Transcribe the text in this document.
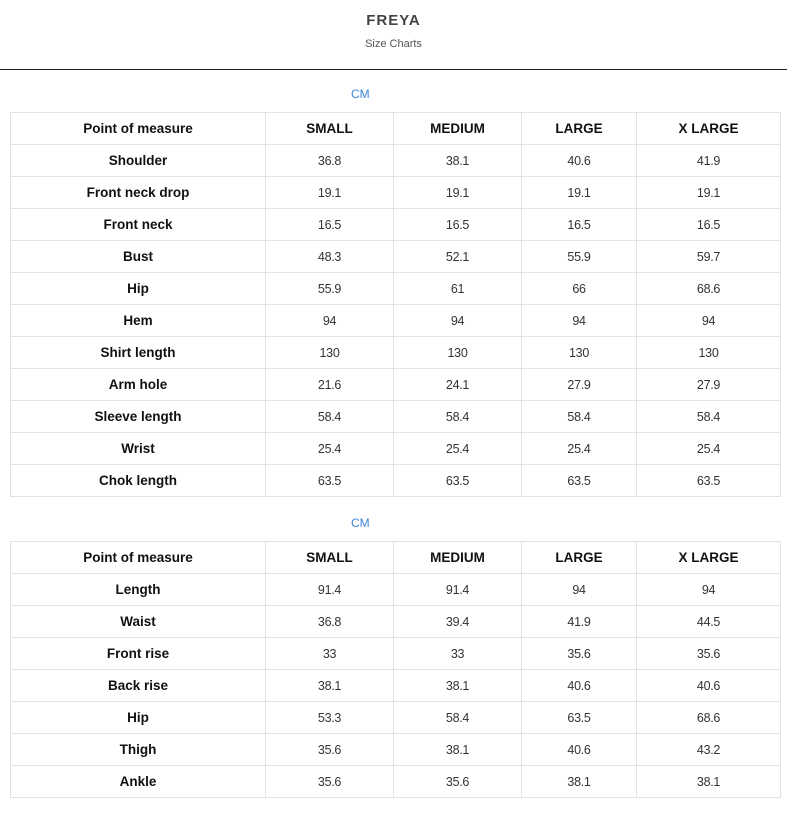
FREYA
Size Charts
CM
Point of measure	SMALL	MEDIUM	LARGE	X LARGE
Shoulder	36.8	38.1	40.6	41.9
Front neck drop	19.1	19.1	19.1	19.1
Front neck	16.5	16.5	16.5	16.5
Bust	48.3	52.1	55.9	59.7
Hip	55.9	61	66	68.6
Hem	94	94	94	94
Shirt length	130	130	130	130
Arm hole	21.6	24.1	27.9	27.9
Sleeve length	58.4	58.4	58.4	58.4
Wrist	25.4	25.4	25.4	25.4
Chok length	63.5	63.5	63.5	63.5
CM
Point of measure	SMALL	MEDIUM	LARGE	X LARGE
Length	91.4	91.4	94	94
Waist	36.8	39.4	41.9	44.5
Front rise	33	33	35.6	35.6
Back rise	38.1	38.1	40.6	40.6
Hip	53.3	58.4	63.5	68.6
Thigh	35.6	38.1	40.6	43.2
Ankle	35.6	35.6	38.1	38.1
